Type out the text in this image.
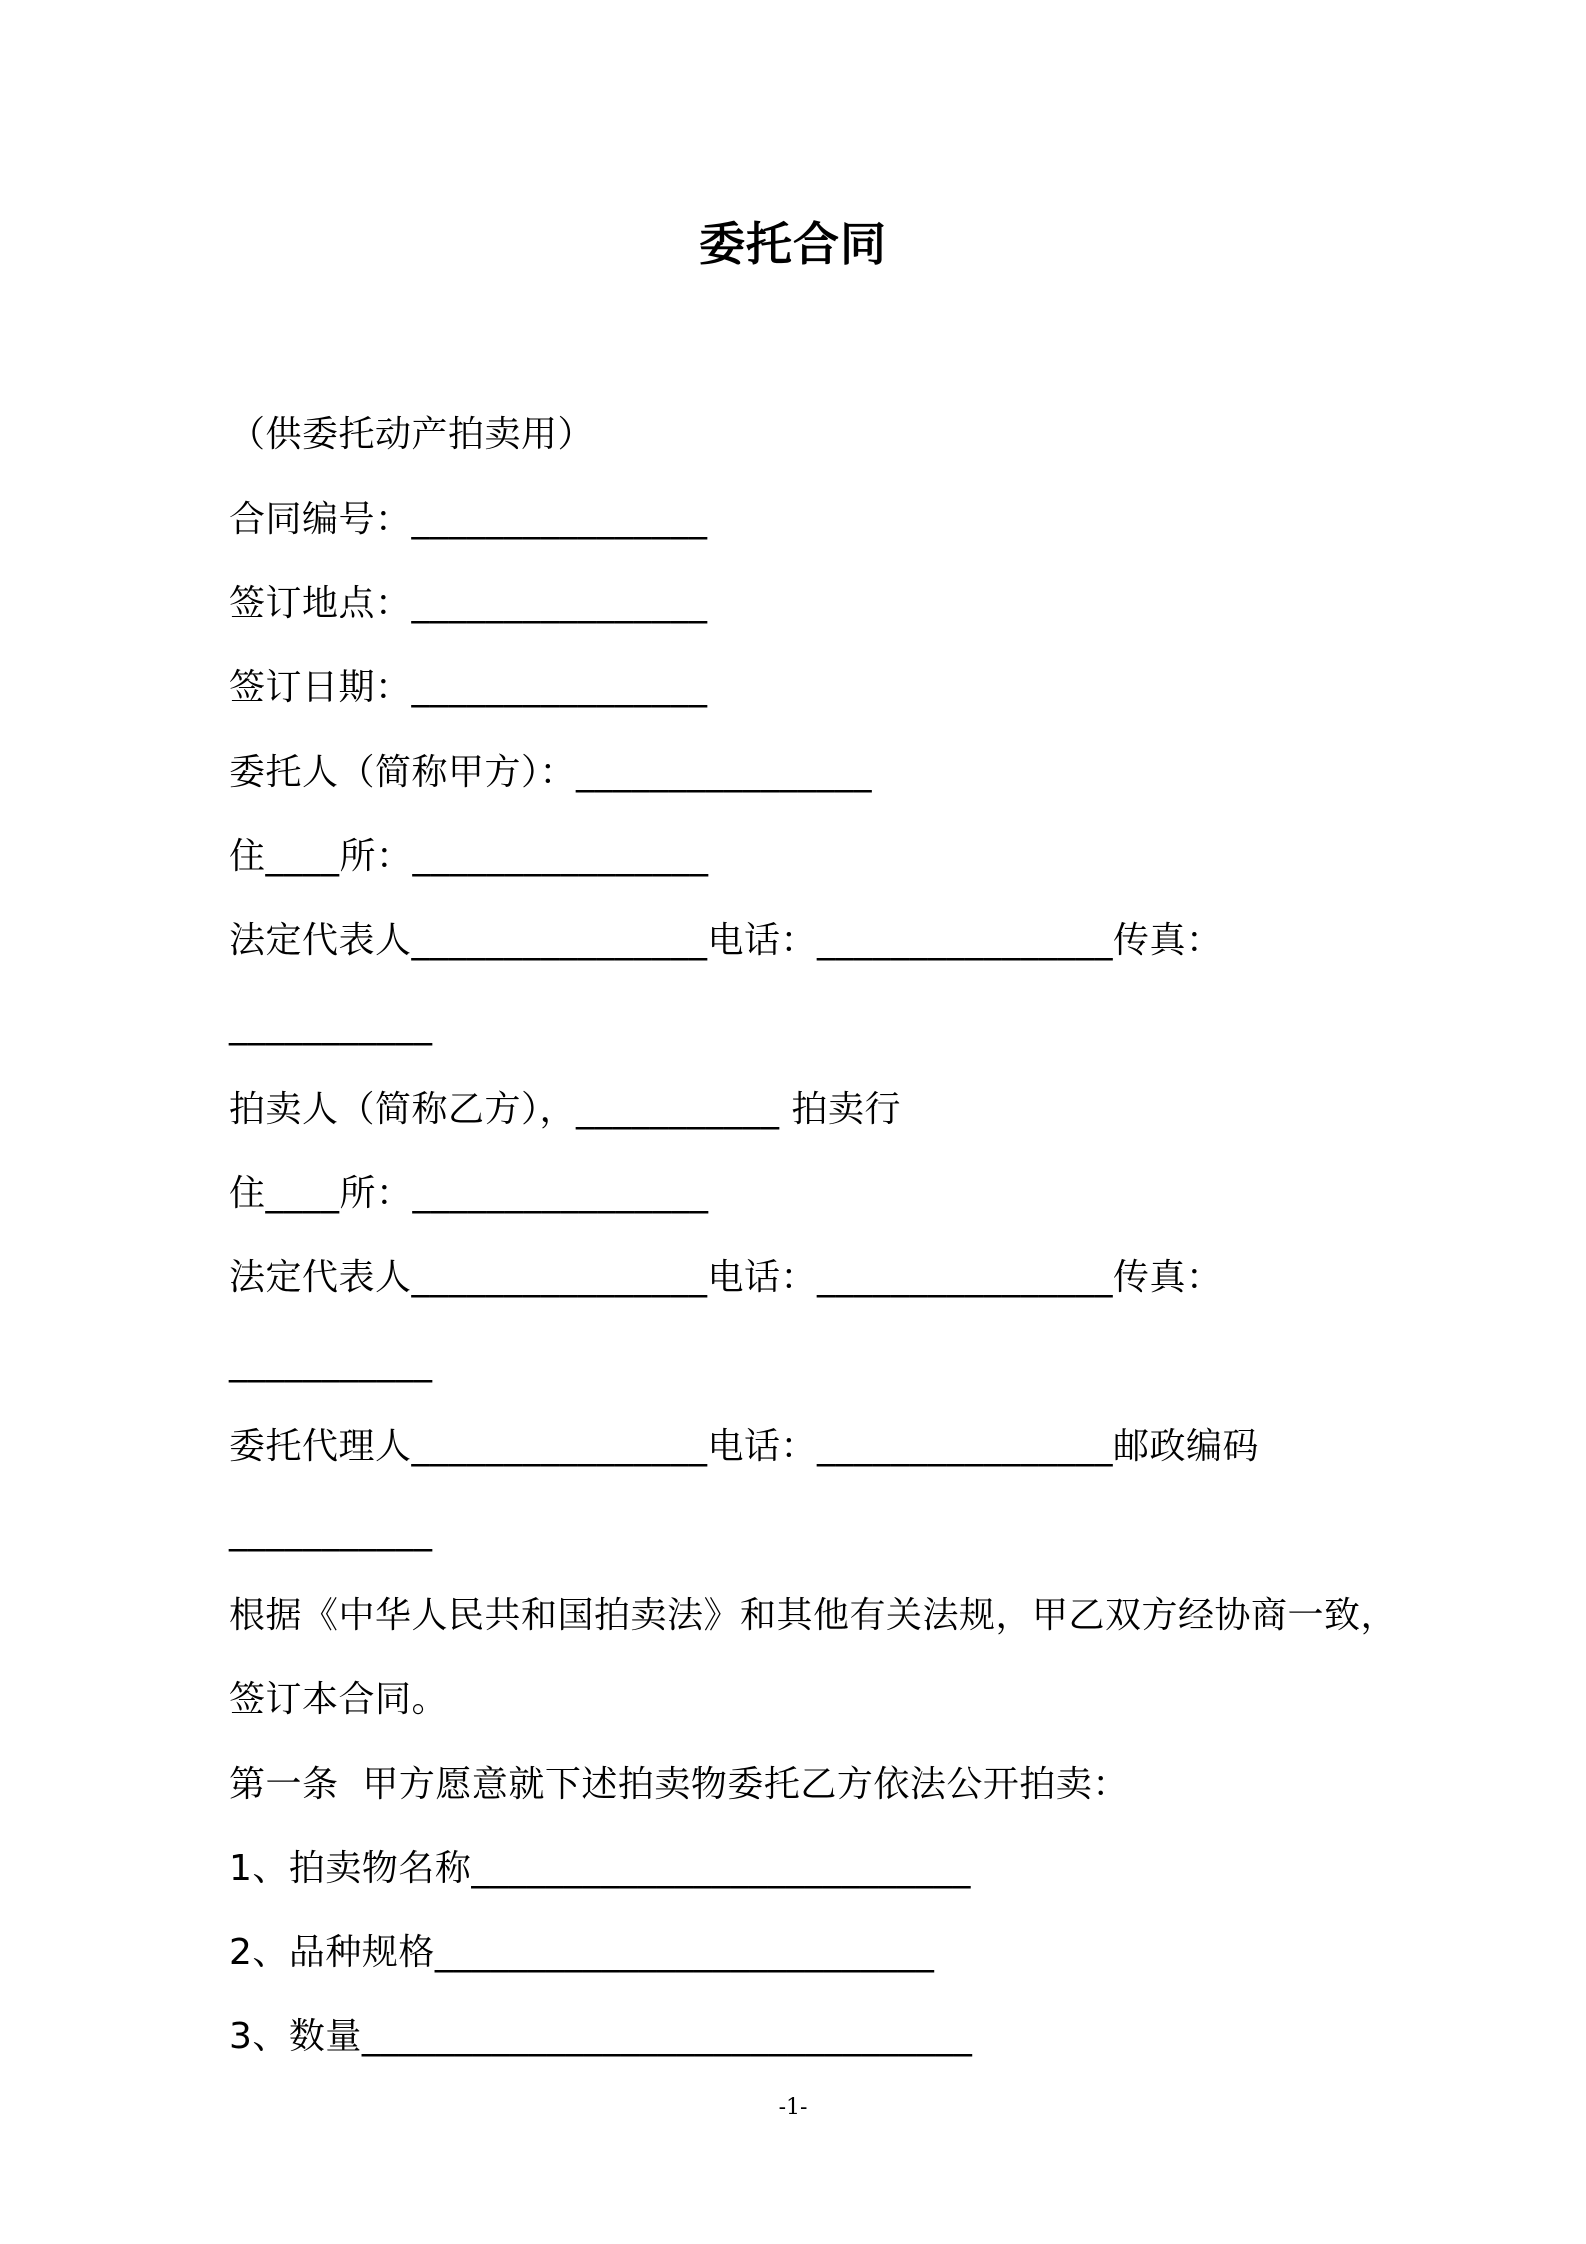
委托合同
（供委托动产拍卖用）
合同编号：________________
签订地点：________________
签订日期：________________
委托人（简称甲方）：________________
住____所：________________
法定代表人________________电话：________________传真：
___________
拍卖人（简称乙方），___________ 拍卖行
住____所：________________
法定代表人________________电话：________________传真：
___________
委托代理人________________电话：________________邮政编码
___________
根据《中华人民共和国拍卖法》和其他有关法规，甲乙双方经协商一致，
签订本合同。
第一条  甲方愿意就下述拍卖物委托乙方依法公开拍卖：
1、拍卖物名称___________________________
2、品种规格___________________________
3、数量_________________________________
-1-
